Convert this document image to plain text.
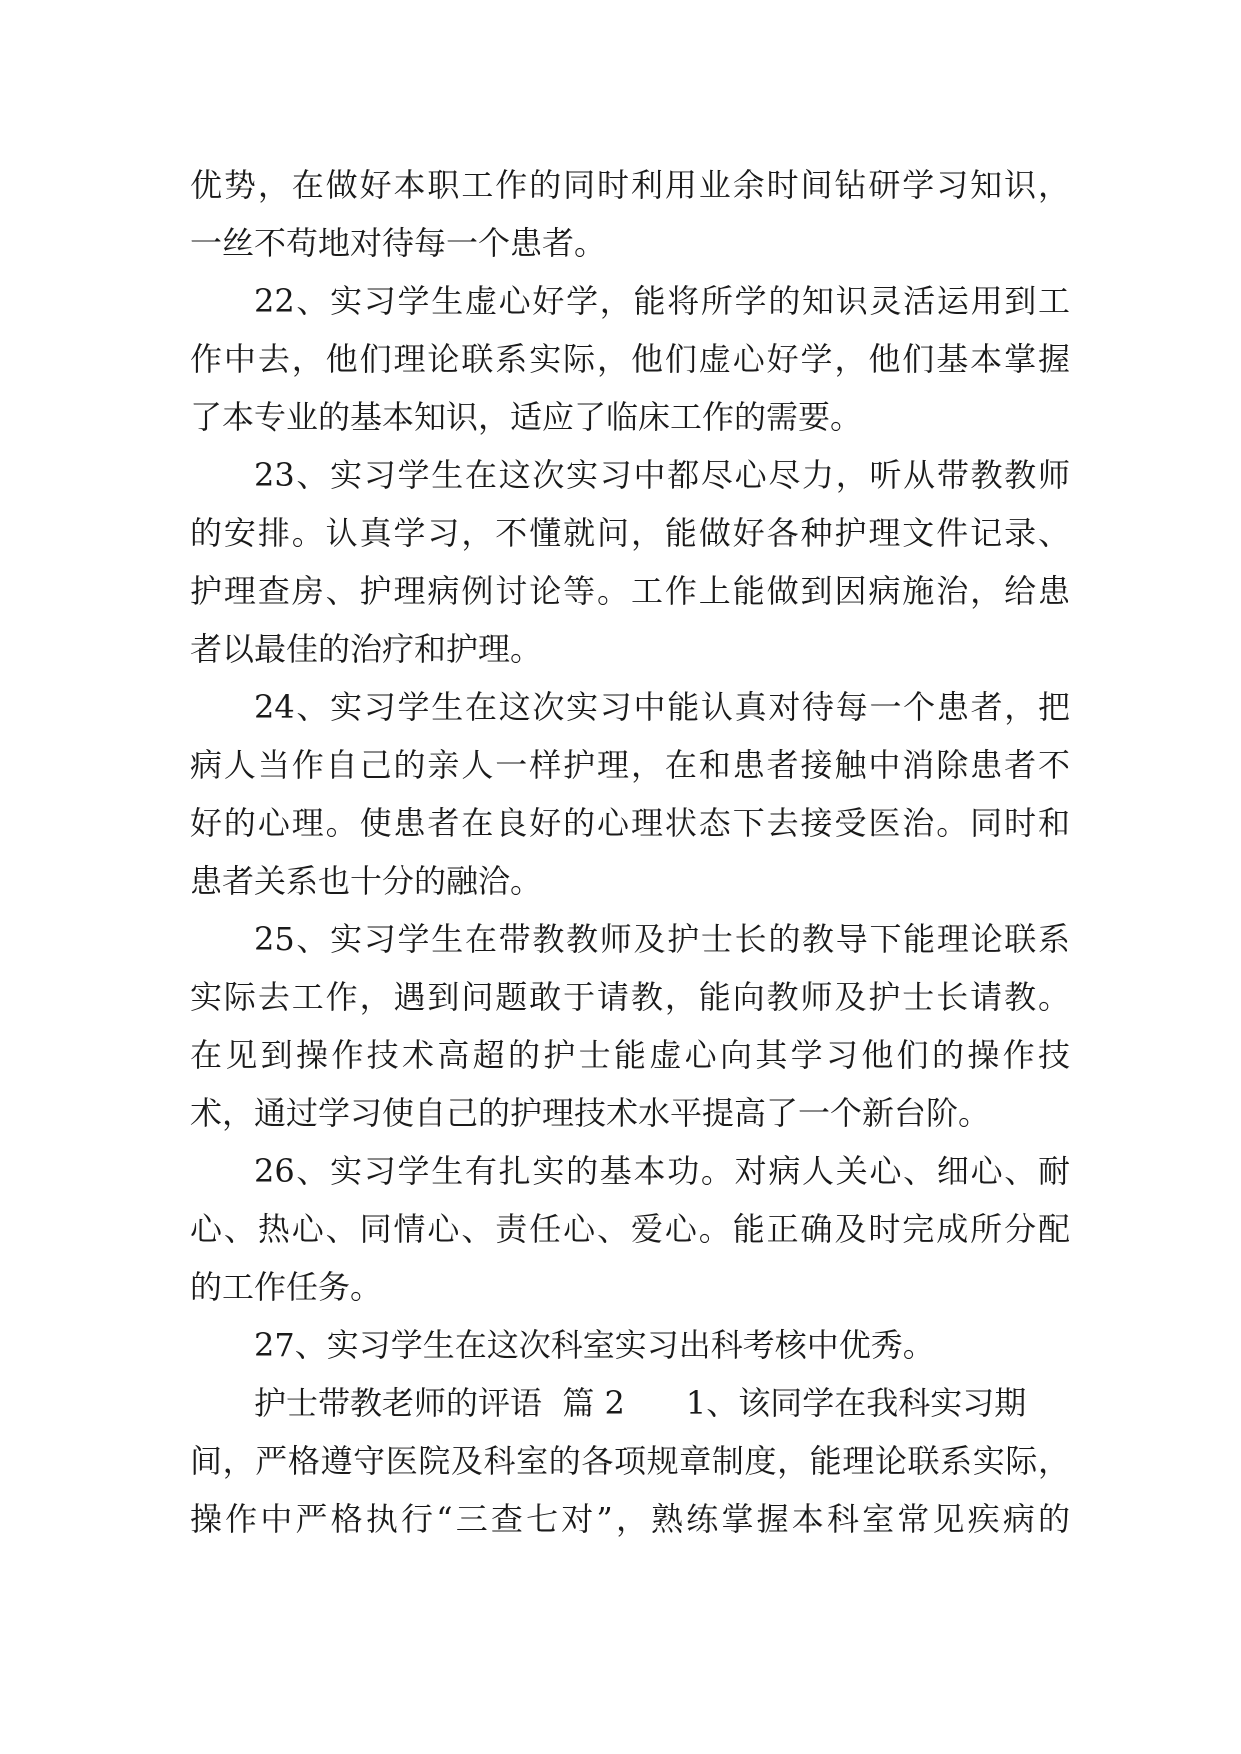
优势，在做好本职工作的同时利用业余时间钻研学习知识，
一丝不苟地对待每一个患者。
22、实习学生虚心好学，能将所学的知识灵活运用到工
作中去，他们理论联系实际，他们虚心好学，他们基本掌握
了本专业的基本知识，适应了临床工作的需要。
23、实习学生在这次实习中都尽心尽力，听从带教教师
的安排。认真学习，不懂就问，能做好各种护理文件记录、
护理查房、护理病例讨论等。工作上能做到因病施治，给患
者以最佳的治疗和护理。
24、实习学生在这次实习中能认真对待每一个患者，把
病人当作自己的亲人一样护理，在和患者接触中消除患者不
好的心理。使患者在良好的心理状态下去接受医治。同时和
患者关系也十分的融洽。
25、实习学生在带教教师及护士长的教导下能理论联系
实际去工作，遇到问题敢于请教，能向教师及护士长请教。
在见到操作技术高超的护士能虚心向其学习他们的操作技
术，通过学习使自己的护理技术水平提高了一个新台阶。
26、实习学生有扎实的基本功。对病人关心、细心、耐
心、热心、同情心、责任心、爱心。能正确及时完成所分配
的工作任务。
27、实习学生在这次科室实习出科考核中优秀。
护士带教老师的评语  篇 2      1、该同学在我科实习期
间，严格遵守医院及科室的各项规章制度，能理论联系实际，
操作中严格执行“三查七对”，熟练掌握本科室常见疾病的
